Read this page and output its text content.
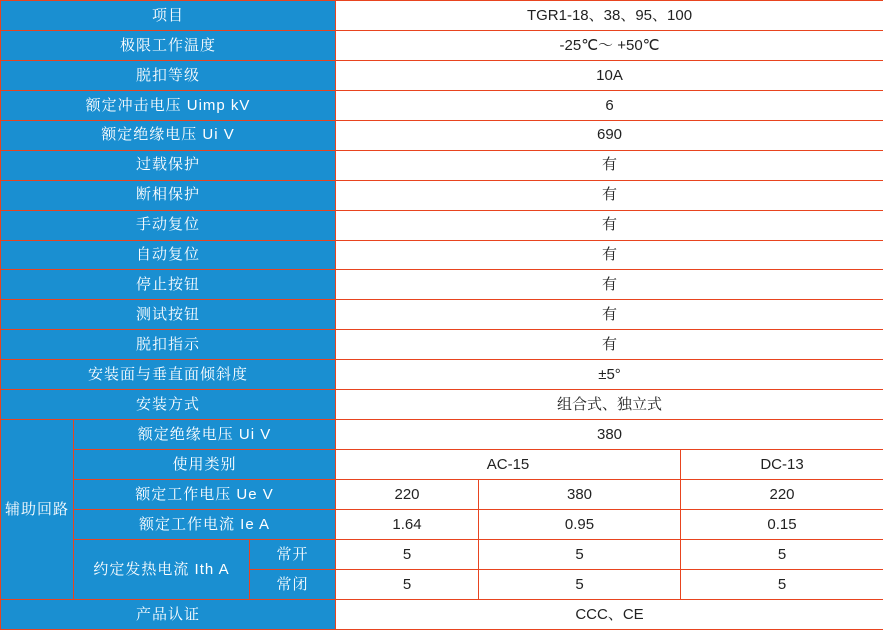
项目			TGR1-18、38、95、100		
极限工作温度			-25℃～ +50℃		
脱扣等级			10A		
额定冲击电压 Uimp kV			6		
额定绝缘电压 Ui V			690		
过载保护			有		
断相保护			有		
手动复位			有		
自动复位			有		
停止按钮			有		
测试按钮			有		
脱扣指示			有		
安装面与垂直面倾斜度			±5°		
安装方式			组合式、独立式		
辅助回路	额定绝缘电压 Ui V		380		
	使用类别		AC-15		DC-13
	额定工作电压 Ue V		220	380	220
	额定工作电流 Ie A		1.64	0.95	0.15
	约定发热电流 Ith A	常开	5	5	5
		常闭	5	5	5
产品认证			CCC、CE		
